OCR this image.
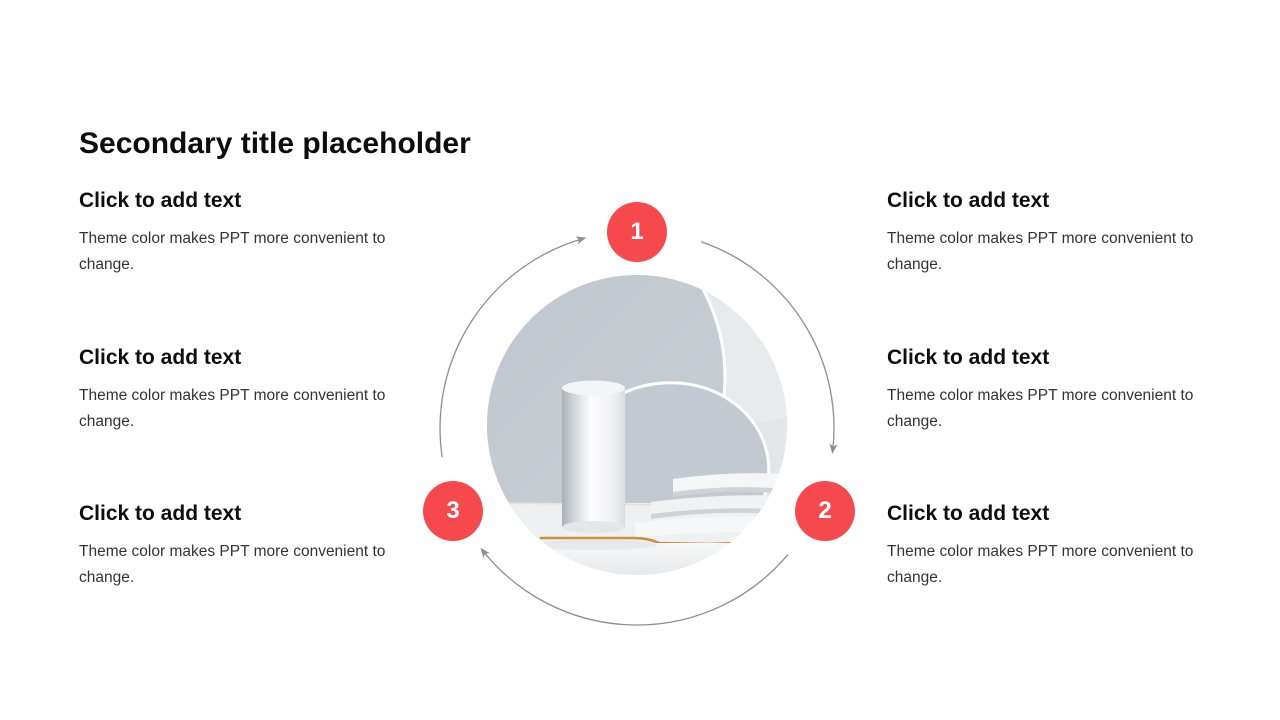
Secondary title placeholder
Click to add text

Theme color makes PPT more convenient to change.

Click to add text

Theme color makes PPT more convenient to change.

Click to add text

Theme color makes PPT more convenient to change.

Click to add text

Theme color makes PPT more convenient to change.

Click to add text

Theme color makes PPT more convenient to change.

Click to add text

Theme color makes PPT more convenient to change.

1
2
3
